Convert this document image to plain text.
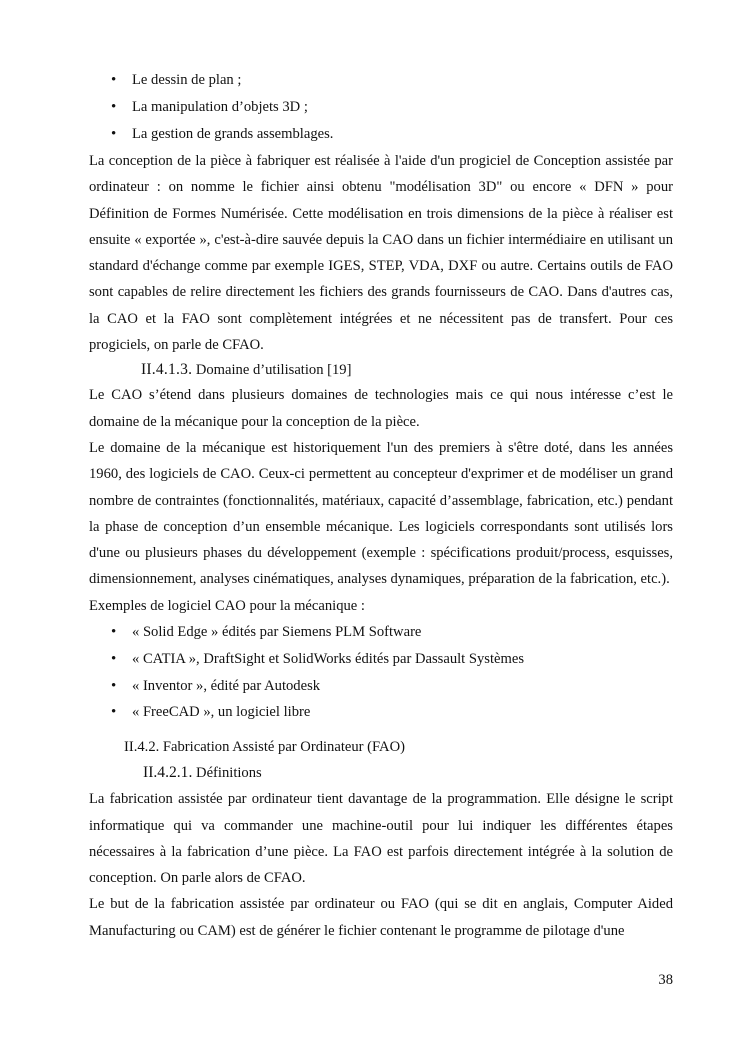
• Le dessin de plan ;
• La manipulation d’objets 3D ;
• La gestion de grands assemblages.

La conception de la pièce à fabriquer est réalisée à l'aide d'un progiciel de Conception assistée par ordinateur : on nomme le fichier ainsi obtenu "modélisation 3D" ou encore « DFN » pour Définition de Formes Numérisée. Cette modélisation en trois dimensions de la pièce à réaliser est ensuite « exportée », c'est-à-dire sauvée depuis la CAO dans un fichier intermédiaire en utilisant un standard d'échange comme par exemple IGES, STEP, VDA, DXF ou autre. Certains outils de FAO sont capables de relire directement les fichiers des grands fournisseurs de CAO. Dans d'autres cas, la CAO et la FAO sont complètement intégrées et ne nécessitent pas de transfert. Pour ces progiciels, on parle de CFAO.

II.4.1.3. Domaine d’utilisation [19]

Le CAO s’étend dans plusieurs domaines de technologies mais ce qui nous intéresse c’est le domaine de la mécanique pour la conception de la pièce.

Le domaine de la mécanique est historiquement l'un des premiers à s'être doté, dans les années 1960, des logiciels de CAO. Ceux-ci permettent au concepteur d'exprimer et de modéliser un grand nombre de contraintes (fonctionnalités, matériaux, capacité d’assemblage, fabrication, etc.) pendant la phase de conception d’un ensemble mécanique. Les logiciels correspondants sont utilisés lors d'une ou plusieurs phases du développement (exemple : spécifications produit/process, esquisses, dimensionnement, analyses cinématiques, analyses dynamiques, préparation de la fabrication, etc.).

Exemples de logiciel CAO pour la mécanique :

• « Solid Edge » édités par Siemens PLM Software
• « CATIA », DraftSight et SolidWorks édités par Dassault Systèmes
• « Inventor », édité par Autodesk
• « FreeCAD », un logiciel libre
II.4.2. Fabrication Assisté par Ordinateur (FAO)
II.4.2.1. Définitions

La fabrication assistée par ordinateur tient davantage de la programmation. Elle désigne le script informatique qui va commander une machine-outil pour lui indiquer les différentes étapes nécessaires à la fabrication d’une pièce. La FAO est parfois directement intégrée à la solution de conception. On parle alors de CFAO.

Le but de la fabrication assistée par ordinateur ou FAO (qui se dit en anglais, Computer Aided Manufacturing ou CAM) est de générer le fichier contenant le programme de pilotage d'une

38
